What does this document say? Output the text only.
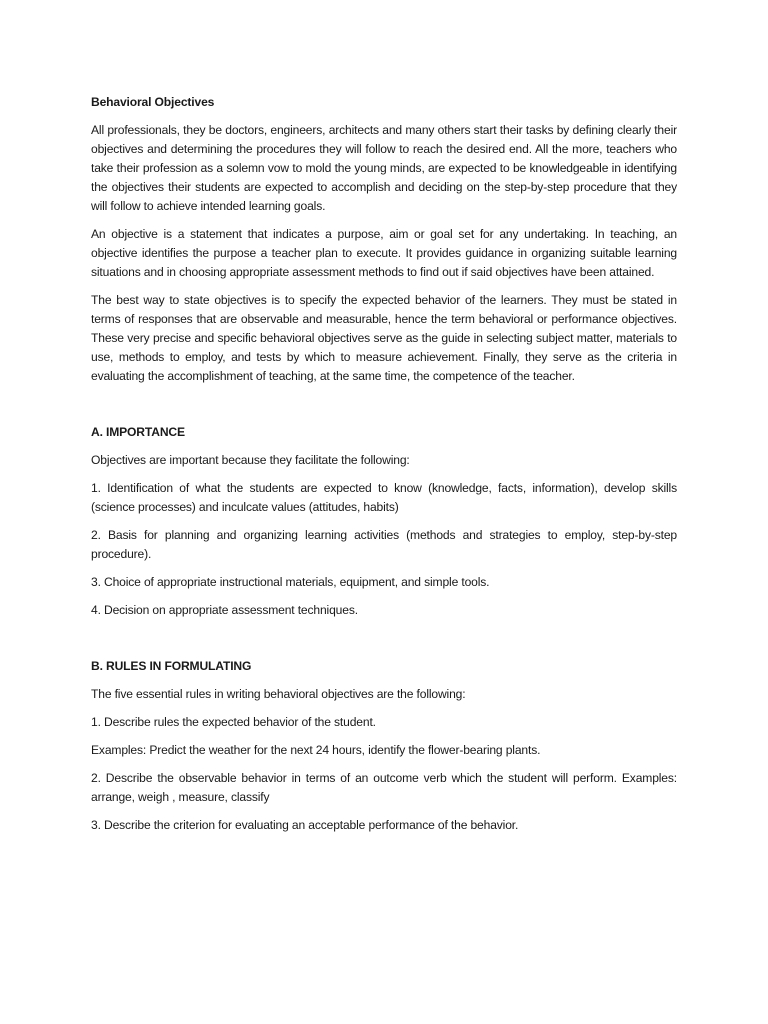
Behavioral Objectives

All professionals, they be doctors, engineers, architects and many others start their tasks by defining clearly their objectives and determining the procedures they will follow to reach the desired end. All the more, teachers who take their profession as a solemn vow to mold the young minds, are expected to be knowledgeable in identifying the objectives their students are expected to accomplish and deciding on the step-by-step procedure that they will follow to achieve intended learning goals.

An objective is a statement that indicates a purpose, aim or goal set for any undertaking. In teaching, an objective identifies the purpose a teacher plan to execute. It provides guidance in organizing suitable learning situations and in choosing appropriate assessment methods to find out if said objectives have been attained.

The best way to state objectives is to specify the expected behavior of the learners. They must be stated in terms of responses that are observable and measurable, hence the term behavioral or performance objectives. These very precise and specific behavioral objectives serve as the guide in selecting subject matter, materials to use, methods to employ, and tests by which to measure achievement. Finally, they serve as the criteria in evaluating the accomplishment of teaching, at the same time, the competence of the teacher.

A. IMPORTANCE

Objectives are important because they facilitate the following:

1. Identification of what the students are expected to know (knowledge, facts, information), develop skills (science processes) and inculcate values (attitudes, habits)

2. Basis for planning and organizing learning activities (methods and strategies to employ, step-by-step procedure).

3. Choice of appropriate instructional materials, equipment, and simple tools.

4. Decision on appropriate assessment techniques.

B. RULES IN FORMULATING

The five essential rules in writing behavioral objectives are the following:

1. Describe rules the expected behavior of the student.

Examples: Predict the weather for the next 24 hours, identify the flower-bearing plants.

2. Describe the observable behavior in terms of an outcome verb which the student will perform. Examples: arrange, weigh , measure, classify

3. Describe the criterion for evaluating an acceptable performance of the behavior.
